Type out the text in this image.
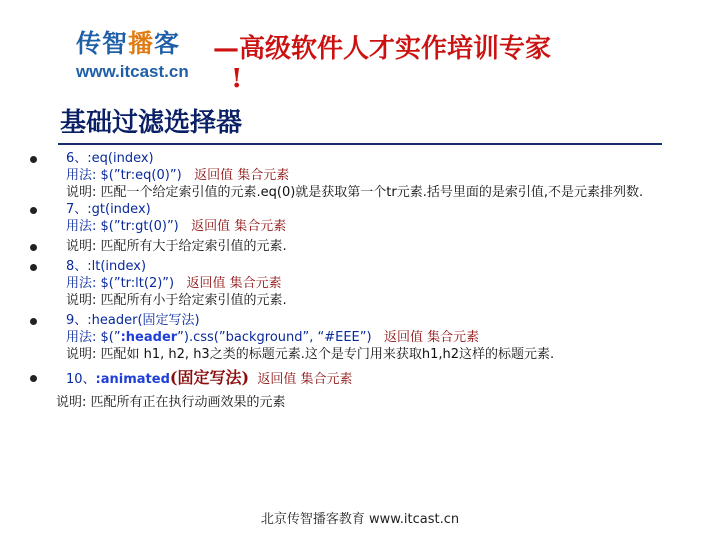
传智播客
www.itcast.cn
—高级软件人才实作培训专家
!
基础过滤选择器
6、:eq(index)
用法: $(”tr:eq(0)”) 返回值 集合元素
说明: 匹配一个给定索引值的元素.eq(0)就是获取第一个tr元素.括号里面的是索引值,不是元素排列数.
7、:gt(index)
用法: $(”tr:gt(0)”) 返回值 集合元素
说明: 匹配所有大于给定索引值的元素.
8、:lt(index)
用法: $(”tr:lt(2)”) 返回值 集合元素
说明: 匹配所有小于给定索引值的元素.
9、:header(固定写法)
用法: $(”:header”).css(”background”, “#EEE”) 返回值 集合元素
说明: 匹配如 h1, h2, h3之类的标题元素.这个是专门用来获取h1,h2这样的标题元素.
10、:animated(固定写法) 返回值 集合元素
说明: 匹配所有正在执行动画效果的元素
北京传智播客教育 www.itcast.cn
